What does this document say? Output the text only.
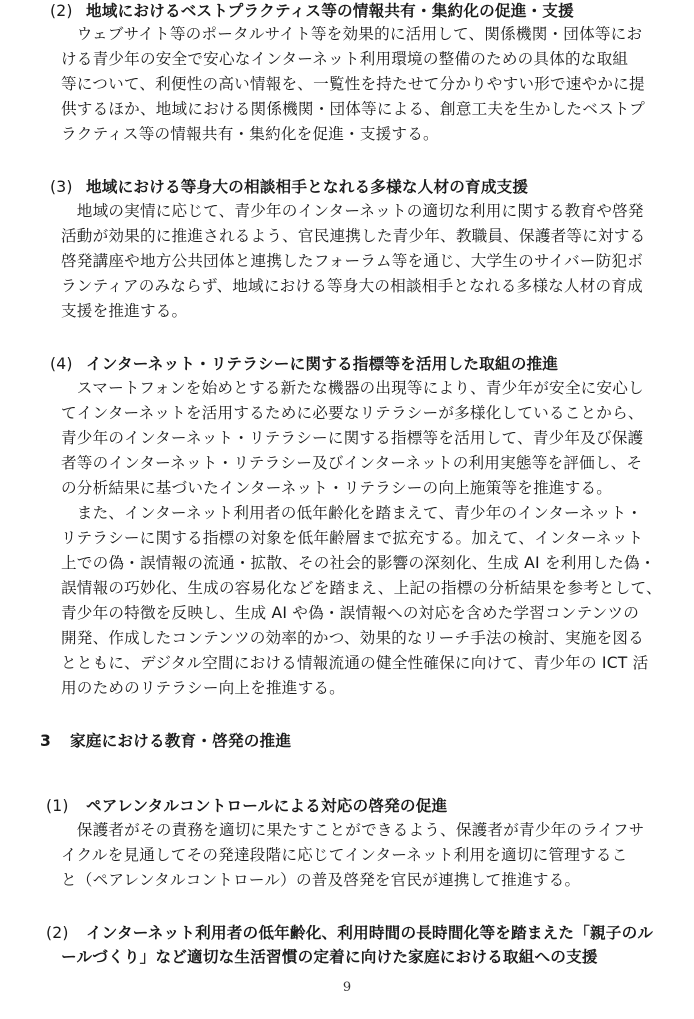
(2) 地域におけるベストプラクティス等の情報共有・集約化の促進・支援
　ウェブサイト等のポータルサイト等を効果的に活用して、関係機関・団体等にお
ける青少年の安全で安心なインターネット利用環境の整備のための具体的な取組
等について、利便性の高い情報を、一覧性を持たせて分かりやすい形で速やかに提
供するほか、地域における関係機関・団体等による、創意工夫を生かしたベストプ
ラクティス等の情報共有・集約化を促進・支援する。
(3) 地域における等身大の相談相手となれる多様な人材の育成支援
　地域の実情に応じて、青少年のインターネットの適切な利用に関する教育や啓発
活動が効果的に推進されるよう、官民連携した青少年、教職員、保護者等に対する
啓発講座や地方公共団体と連携したフォーラム等を通じ、大学生のサイバー防犯ボ
ランティアのみならず、地域における等身大の相談相手となれる多様な人材の育成
支援を推進する。
(4) インターネット・リテラシーに関する指標等を活用した取組の推進
　スマートフォンを始めとする新たな機器の出現等により、青少年が安全に安心し
てインターネットを活用するために必要なリテラシーが多様化していることから、
青少年のインターネット・リテラシーに関する指標等を活用して、青少年及び保護
者等のインターネット・リテラシー及びインターネットの利用実態等を評価し、そ
の分析結果に基づいたインターネット・リテラシーの向上施策等を推進する。
　また、インターネット利用者の低年齢化を踏まえて、青少年のインターネット・
リテラシーに関する指標の対象を低年齢層まで拡充する。加えて、インターネット
上での偽・誤情報の流通・拡散、その社会的影響の深刻化、生成 AI を利用した偽・
誤情報の巧妙化、生成の容易化などを踏まえ、上記の指標の分析結果を参考として、
青少年の特徴を反映し、生成 AI や偽・誤情報への対応を含めた学習コンテンツの
開発、作成したコンテンツの効率的かつ、効果的なリーチ手法の検討、実施を図る
とともに、デジタル空間における情報流通の健全性確保に向けて、青少年の ICT 活
用のためのリテラシー向上を推進する。
3 家庭における教育・啓発の推進
(1) ペアレンタルコントロールによる対応の啓発の促進
　保護者がその責務を適切に果たすことができるよう、保護者が青少年のライフサ
イクルを見通してその発達段階に応じてインターネット利用を適切に管理するこ
と（ペアレンタルコントロール）の普及啓発を官民が連携して推進する。
(2) インターネット利用者の低年齢化、利用時間の長時間化等を踏まえた「親子のル
ールづくり」など適切な生活習慣の定着に向けた家庭における取組への支援
9
